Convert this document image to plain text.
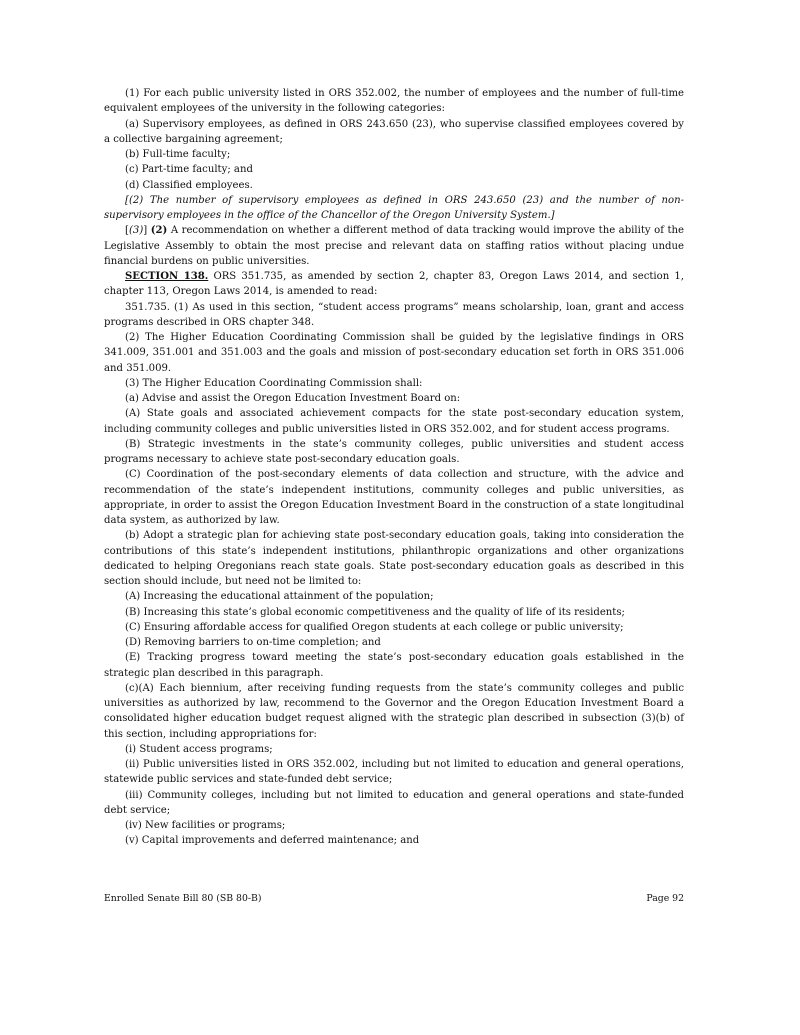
(1) For each public university listed in ORS 352.002, the number of employees and the number of full-time equivalent employees of the university in the following categories:

(a) Supervisory employees, as defined in ORS 243.650 (23), who supervise classified employees covered by a collective bargaining agreement;

(b) Full-time faculty;

(c) Part-time faculty; and

(d) Classified employees.

[(2) The number of supervisory employees as defined in ORS 243.650 (23) and the number of non-supervisory employees in the office of the Chancellor of the Oregon University System.]

[(3)] (2) A recommendation on whether a different method of data tracking would improve the ability of the Legislative Assembly to obtain the most precise and relevant data on staffing ratios without placing undue financial burdens on public universities.

SECTION 138. ORS 351.735, as amended by section 2, chapter 83, Oregon Laws 2014, and section 1, chapter 113, Oregon Laws 2014, is amended to read:

351.735. (1) As used in this section, “student access programs” means scholarship, loan, grant and access programs described in ORS chapter 348.

(2) The Higher Education Coordinating Commission shall be guided by the legislative findings in ORS 341.009, 351.001 and 351.003 and the goals and mission of post-secondary education set forth in ORS 351.006 and 351.009.

(3) The Higher Education Coordinating Commission shall:

(a) Advise and assist the Oregon Education Investment Board on:

(A) State goals and associated achievement compacts for the state post-secondary education system, including community colleges and public universities listed in ORS 352.002, and for student access programs.

(B) Strategic investments in the state’s community colleges, public universities and student access programs necessary to achieve state post-secondary education goals.

(C) Coordination of the post-secondary elements of data collection and structure, with the advice and recommendation of the state’s independent institutions, community colleges and public universities, as appropriate, in order to assist the Oregon Education Investment Board in the construction of a state longitudinal data system, as authorized by law.

(b) Adopt a strategic plan for achieving state post-secondary education goals, taking into consideration the contributions of this state’s independent institutions, philanthropic organizations and other organizations dedicated to helping Oregonians reach state goals. State post-secondary education goals as described in this section should include, but need not be limited to:

(A) Increasing the educational attainment of the population;

(B) Increasing this state’s global economic competitiveness and the quality of life of its residents;

(C) Ensuring affordable access for qualified Oregon students at each college or public university;

(D) Removing barriers to on-time completion; and

(E) Tracking progress toward meeting the state’s post-secondary education goals established in the strategic plan described in this paragraph.

(c)(A) Each biennium, after receiving funding requests from the state’s community colleges and public universities as authorized by law, recommend to the Governor and the Oregon Education Investment Board a consolidated higher education budget request aligned with the strategic plan described in subsection (3)(b) of this section, including appropriations for:

(i) Student access programs;

(ii) Public universities listed in ORS 352.002, including but not limited to education and general operations, statewide public services and state-funded debt service;

(iii) Community colleges, including but not limited to education and general operations and state-funded debt service;

(iv) New facilities or programs;

(v) Capital improvements and deferred maintenance; and

Enrolled Senate Bill 80 (SB 80-B)	Page 92
